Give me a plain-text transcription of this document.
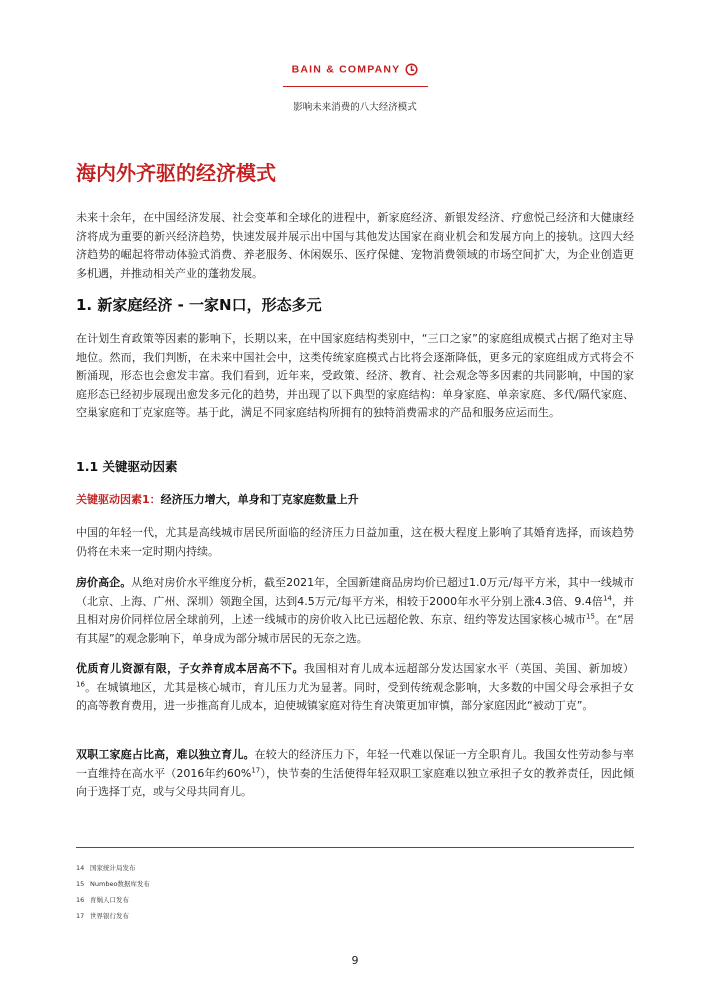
BAIN & COMPANY
影响未来消费的八大经济模式
海内外齐驱的经济模式

未来十余年，在中国经济发展、社会变革和全球化的进程中，新家庭经济、新银发经济、疗愈悦己经济和大健康经济将成为重要的新兴经济趋势，快速发展并展示出中国与其他发达国家在商业机会和发展方向上的接轨。这四大经济趋势的崛起将带动体验式消费、养老服务、休闲娱乐、医疗保健、宠物消费领域的市场空间扩大，为企业创造更多机遇，并推动相关产业的蓬勃发展。

1. 新家庭经济 - 一家N口，形态多元

在计划生育政策等因素的影响下，长期以来，在中国家庭结构类别中，“三口之家”的家庭组成模式占据了绝对主导地位。然而，我们判断，在未来中国社会中，这类传统家庭模式占比将会逐渐降低，更多元的家庭组成方式将会不断涌现，形态也会愈发丰富。我们看到，近年来，受政策、经济、教育、社会观念等多因素的共同影响，中国的家庭形态已经初步展现出愈发多元化的趋势，并出现了以下典型的家庭结构：单身家庭、单亲家庭、多代/隔代家庭、空巢家庭和丁克家庭等。基于此，满足不同家庭结构所拥有的独特消费需求的产品和服务应运而生。

1.1 关键驱动因素
关键驱动因素1：经济压力增大，单身和丁克家庭数量上升

中国的年轻一代，尤其是高线城市居民所面临的经济压力日益加重，这在极大程度上影响了其婚育选择，而该趋势仍将在未来一定时期内持续。

房价高企。从绝对房价水平维度分析，截至2021年，全国新建商品房均价已超过1.0万元/每平方米，其中一线城市（北京、上海、广州、深圳）领跑全国，达到4.5万元/每平方米，相较于2000年水平分别上涨4.3倍、9.4倍$^{14}$，并且相对房价同样位居全球前列，上述一线城市的房价收入比已远超伦敦、东京、纽约等发达国家核心城市$^{15}$。在“居有其屋”的观念影响下，单身成为部分城市居民的无奈之选。

优质育儿资源有限，子女养育成本居高不下。我国相对育儿成本远超部分发达国家水平（英国、美国、新加坡）$^{16}$。在城镇地区，尤其是核心城市，育儿压力尤为显著。同时，受到传统观念影响，大多数的中国父母会承担子女的高等教育费用，进一步推高育儿成本，迫使城镇家庭对待生育决策更加审慎，部分家庭因此“被动丁克”。

双职工家庭占比高，难以独立育儿。在较大的经济压力下，年轻一代难以保证一方全职育儿。我国女性劳动参与率一直维持在高水平（2016年约60%$^{17}$），快节奏的生活使得年轻双职工家庭难以独立承担子女的教养责任，因此倾向于选择丁克，或与父母共同育儿。

14 国家统计局发布
15 Numbeo数据库发布
16 育娲人口发布
17 世界银行发布
9
